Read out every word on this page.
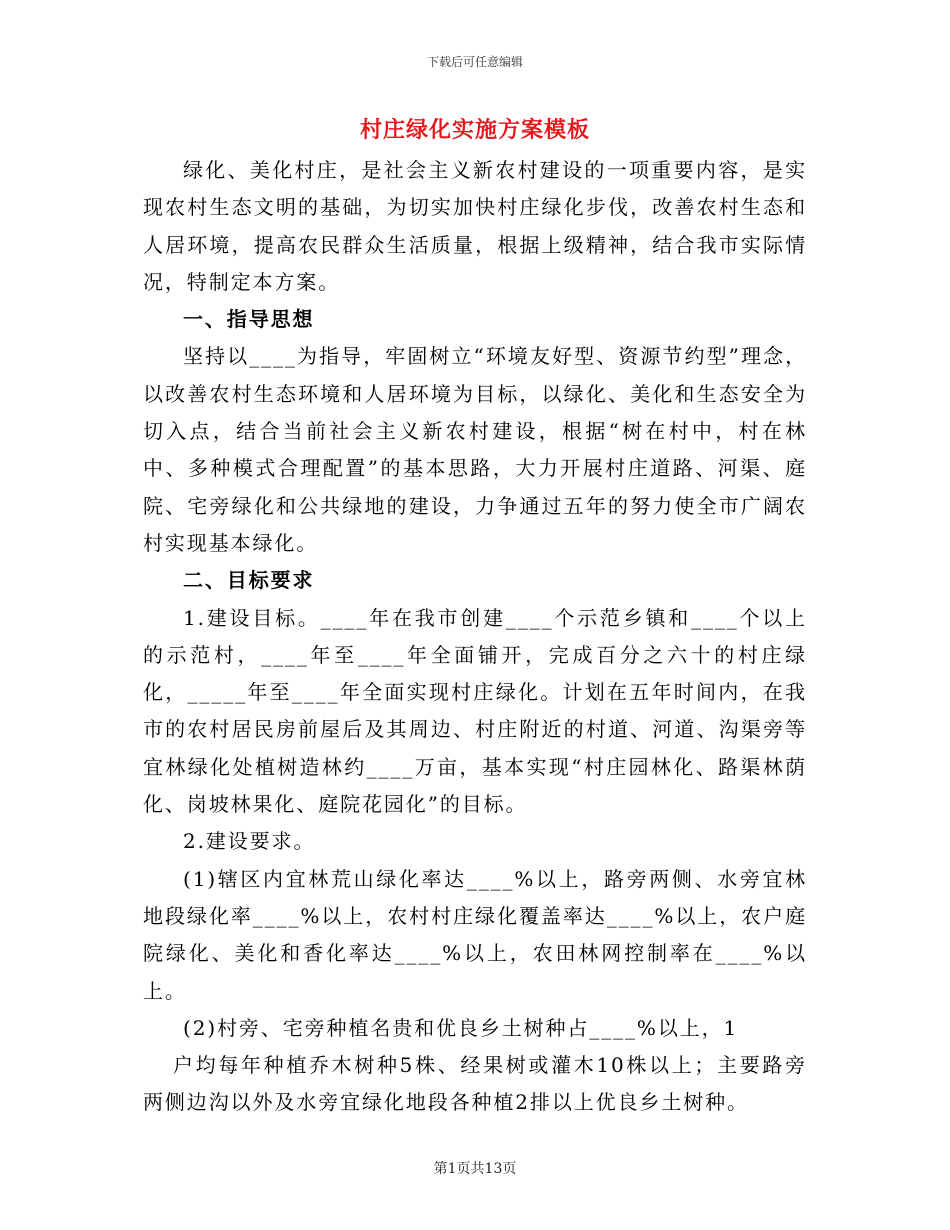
下载后可任意编辑
村庄绿化实施方案模板

绿化、美化村庄，是社会主义新农村建设的一项重要内容，是实现农村生态文明的基础，为切实加快村庄绿化步伐，改善农村生态和人居环境，提高农民群众生活质量，根据上级精神，结合我市实际情况，特制定本方案。

一、指导思想

坚持以____为指导，牢固树立“环境友好型、资源节约型”理念，以改善农村生态环境和人居环境为目标，以绿化、美化和生态安全为切入点，结合当前社会主义新农村建设，根据“树在村中，村在林中、多种模式合理配置”的基本思路，大力开展村庄道路、河渠、庭院、宅旁绿化和公共绿地的建设，力争通过五年的努力使全市广阔农村实现基本绿化。

二、目标要求

1.建设目标。____年在我市创建____个示范乡镇和____个以上的示范村，____年至____年全面铺开，完成百分之六十的村庄绿化，_____年至____年全面实现村庄绿化。计划在五年时间内，在我市的农村居民房前屋后及其周边、村庄附近的村道、河道、沟渠旁等宜林绿化处植树造林约____万亩，基本实现“村庄园林化、路渠林荫化、岗坡林果化、庭院花园化”的目标。

2.建设要求。

(1)辖区内宜林荒山绿化率达____%以上，路旁两侧、水旁宜林地段绿化率____%以上，农村村庄绿化覆盖率达____%以上，农户庭院绿化、美化和香化率达____%以上，农田林网控制率在____%以上。

(2)村旁、宅旁种植名贵和优良乡土树种占____%以上，1

户均每年种植乔木树种5株、经果树或灌木10株以上；主要路旁两侧边沟以外及水旁宜绿化地段各种植2排以上优良乡土树种。

第1页共13页
